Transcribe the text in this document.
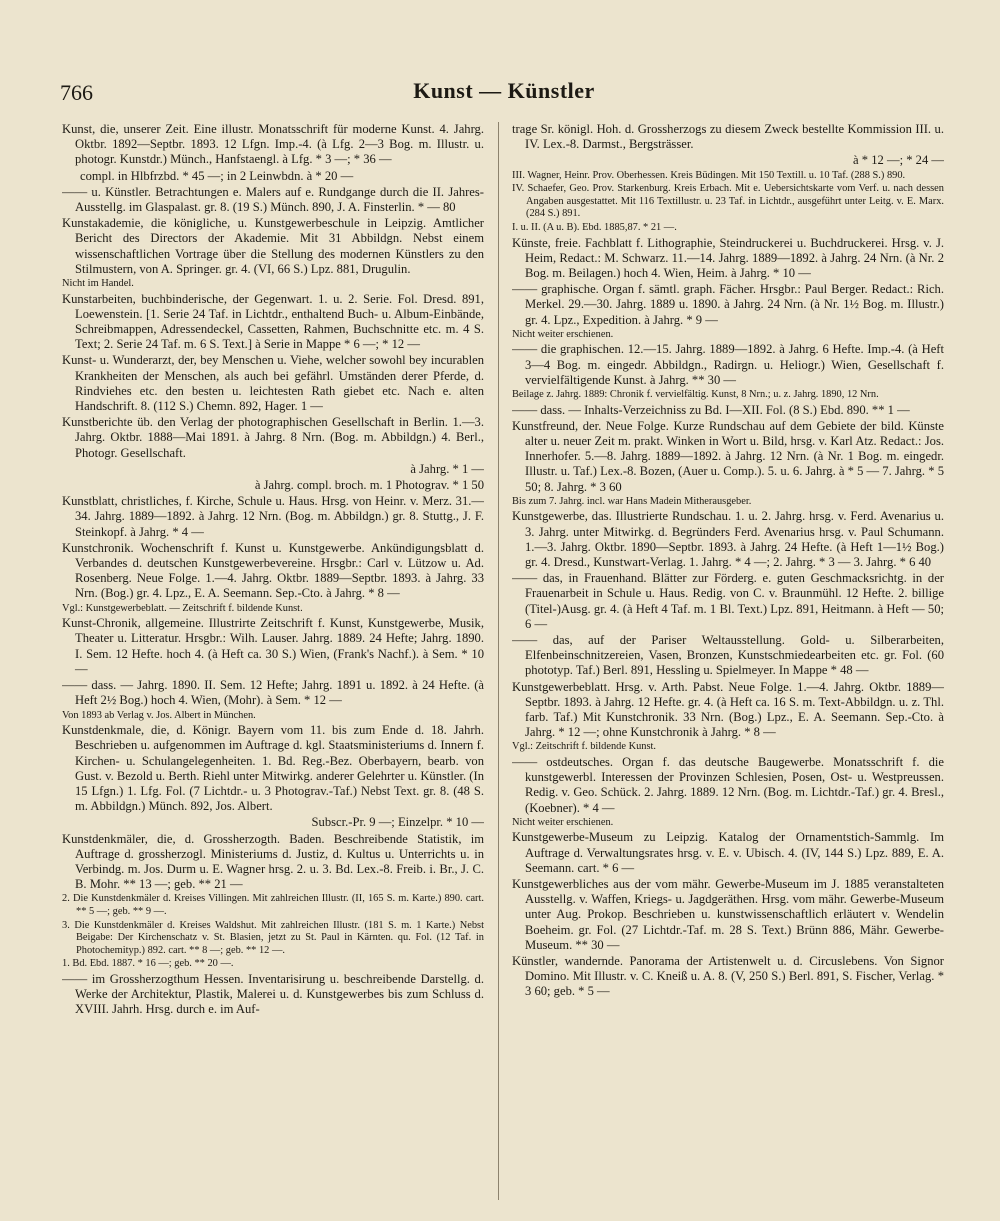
766	Kunst — Künstler
Kunst, die, unserer Zeit. Eine illustr. Monatsschrift für moderne Kunst. 4. Jahrg. Oktbr. 1892—Septbr. 1893. 12 Lfgn. Imp.-4. (à Lfg. 2—3 Bog. m. Illustr. u. photogr. Kunstdr.) Münch., Hanfstaengl. à Lfg. * 3 —; * 36 —
compl. in Hlbfrzbd. * 45 —; in 2 Leinwbdn. à * 20 —
—— u. Künstler. Betrachtungen e. Malers auf e. Rundgange durch die II. Jahres-Ausstellg. im Glaspalast. gr. 8. (19 S.) Münch. 890, J. A. Finsterlin. * — 80
Kunstakademie, die königliche, u. Kunstgewerbeschule in Leipzig. Amtlicher Bericht des Directors der Akademie. Mit 31 Abbildgn. Nebst einem wissenschaftlichen Vortrage über die Stellung des modernen Künstlers zu den Stilmustern, von A. Springer. gr. 4. (VI, 66 S.) Lpz. 881, Drugulin.
Nicht im Handel.
Kunstarbeiten, buchbinderische, der Gegenwart. 1. u. 2. Serie. Fol. Dresd. 891, Loewenstein. [1. Serie 24 Taf. in Lichtdr., enthaltend Buch- u. Album-Einbände, Schreibmappen, Adressendeckel, Cassetten, Rahmen, Buchschnitte etc. m. 4 S. Text; 2. Serie 24 Taf. m. 6 S. Text.] à Serie in Mappe * 6 —; * 12 —
Kunst- u. Wunderarzt, der, bey Menschen u. Viehe, welcher sowohl bey incurablen Krankheiten der Menschen, als auch bei gefährl. Umständen derer Pferde, d. Rindviehes etc. den besten u. leichtesten Rath giebet etc. Nach e. alten Handschrift. 8. (112 S.) Chemn. 892, Hager. 1 —
Kunstberichte üb. den Verlag der photographischen Gesellschaft in Berlin. 1.—3. Jahrg. Oktbr. 1888—Mai 1891. à Jahrg. 8 Nrn. (Bog. m. Abbildgn.) 4. Berl., Photogr. Gesellschaft.
à Jahrg. * 1 —
à Jahrg. compl. broch. m. 1 Photograv. * 1 50
Kunstblatt, christliches, f. Kirche, Schule u. Haus. Hrsg. von Heinr. v. Merz. 31.—34. Jahrg. 1889—1892. à Jahrg. 12 Nrn. (Bog. m. Abbildgn.) gr. 8. Stuttg., J. F. Steinkopf. à Jahrg. * 4 —
Kunstchronik. Wochenschrift f. Kunst u. Kunstgewerbe. Ankündigungsblatt d. Verbandes d. deutschen Kunstgewerbevereine. Hrsgbr.: Carl v. Lützow u. Ad. Rosenberg. Neue Folge. 1.—4. Jahrg. Oktbr. 1889—Septbr. 1893. à Jahrg. 33 Nrn. (Bog.) gr. 4. Lpz., E. A. Seemann. Sep.-Cto. à Jahrg. * 8 —
Vgl.: Kunstgewerbeblatt. — Zeitschrift f. bildende Kunst.
Kunst-Chronik, allgemeine. Illustrirte Zeitschrift f. Kunst, Kunstgewerbe, Musik, Theater u. Litteratur. Hrsgbr.: Wilh. Lauser. Jahrg. 1889. 24 Hefte; Jahrg. 1890. I. Sem. 12 Hefte. hoch 4. (à Heft ca. 30 S.) Wien, (Frank's Nachf.). à Sem. * 10 —
—— dass. — Jahrg. 1890. II. Sem. 12 Hefte; Jahrg. 1891 u. 1892. à 24 Hefte. (à Heft 2½ Bog.) hoch 4. Wien, (Mohr). à Sem. * 12 —
Von 1893 ab Verlag v. Jos. Albert in München.
Kunstdenkmale, die, d. Königr. Bayern vom 11. bis zum Ende d. 18. Jahrh. Beschrieben u. aufgenommen im Auftrage d. kgl. Staatsministeriums d. Innern f. Kirchen- u. Schulangelegenheiten. 1. Bd. Reg.-Bez. Oberbayern, bearb. von Gust. v. Bezold u. Berth. Riehl unter Mitwirkg. anderer Gelehrter u. Künstler. (In 15 Lfgn.) 1. Lfg. Fol. (7 Lichtdr.- u. 3 Photograv.-Taf.) Nebst Text. gr. 8. (48 S. m. Abbildgn.) Münch. 892, Jos. Albert.
Subscr.-Pr. 9 —; Einzelpr. * 10 —
Kunstdenkmäler, die, d. Grossherzogth. Baden. Beschreibende Statistik, im Auftrage d. grossherzogl. Ministeriums d. Justiz, d. Kultus u. Unterrichts u. in Verbindg. m. Jos. Durm u. E. Wagner hrsg. 2. u. 3. Bd. Lex.-8. Freib. i. Br., J. C. B. Mohr. ** 13 —; geb. ** 21 —
2. Die Kunstdenkmäler d. Kreises Villingen. Mit zahlreichen Illustr. (II, 165 S. m. Karte.) 890. cart. ** 5 —; geb. ** 9 —.
3. Die Kunstdenkmäler d. Kreises Waldshut. Mit zahlreichen Illustr. (181 S. m. 1 Karte.) Nebst Beigabe: Der Kirchenschatz v. St. Blasien, jetzt zu St. Paul in Kärnten. qu. Fol. (12 Taf. in Photochemityp.) 892. cart. ** 8 —; geb. ** 12 —.
1. Bd. Ebd. 1887. * 16 —; geb. ** 20 —.
—— im Grossherzogthum Hessen. Inventarisirung u. beschreibende Darstellg. d. Werke der Architektur, Plastik, Malerei u. d. Kunstgewerbes bis zum Schluss d. XVIII. Jahrh. Hrsg. durch e. im Auf-
trage Sr. königl. Hoh. d. Grossherzogs zu diesem Zweck bestellte Kommission III. u. IV. Lex.-8. Darmst., Bergsträsser.
à * 12 —; * 24 —
III. Wagner, Heinr. Prov. Oberhessen. Kreis Büdingen. Mit 150 Textill. u. 10 Taf. (288 S.) 890.
IV. Schaefer, Geo. Prov. Starkenburg. Kreis Erbach. Mit e. Uebersichtskarte vom Verf. u. nach dessen Angaben ausgestattet. Mit 116 Textillustr. u. 23 Taf. in Lichtdr., ausgeführt unter Leitg. v. E. Marx. (284 S.) 891.
I. u. II. (A u. B). Ebd. 1885,87. * 21 —.
Künste, freie. Fachblatt f. Lithographie, Steindruckerei u. Buchdruckerei. Hrsg. v. J. Heim, Redact.: M. Schwarz. 11.—14. Jahrg. 1889—1892. à Jahrg. 24 Nrn. (à Nr. 2 Bog. m. Beilagen.) hoch 4. Wien, Heim. à Jahrg. * 10 —
—— graphische. Organ f. sämtl. graph. Fächer. Hrsgbr.: Paul Berger. Redact.: Rich. Merkel. 29.—30. Jahrg. 1889 u. 1890. à Jahrg. 24 Nrn. (à Nr. 1½ Bog. m. Illustr.) gr. 4. Lpz., Expedition. à Jahrg. * 9 —
Nicht weiter erschienen.
—— die graphischen. 12.—15. Jahrg. 1889—1892. à Jahrg. 6 Hefte. Imp.-4. (à Heft 3—4 Bog. m. eingedr. Abbildgn., Radirgn. u. Heliogr.) Wien, Gesellschaft f. vervielfältigende Kunst. à Jahrg. ** 30 —
Beilage z. Jahrg. 1889: Chronik f. vervielfältig. Kunst, 8 Nrn.; u. z. Jahrg. 1890, 12 Nrn.
—— dass. — Inhalts-Verzeichniss zu Bd. I—XII. Fol. (8 S.) Ebd. 890. ** 1 —
Kunstfreund, der. Neue Folge. Kurze Rundschau auf dem Gebiete der bild. Künste alter u. neuer Zeit m. prakt. Winken in Wort u. Bild, hrsg. v. Karl Atz. Redact.: Jos. Innerhofer. 5.—8. Jahrg. 1889—1892. à Jahrg. 12 Nrn. (à Nr. 1 Bog. m. eingedr. Illustr. u. Taf.) Lex.-8. Bozen, (Auer u. Comp.). 5. u. 6. Jahrg. à * 5 — 7. Jahrg. * 5 50; 8. Jahrg. * 3 60
Bis zum 7. Jahrg. incl. war Hans Madein Mitherausgeber.
Kunstgewerbe, das. Illustrierte Rundschau. 1. u. 2. Jahrg. hrsg. v. Ferd. Avenarius u. 3. Jahrg. unter Mitwirkg. d. Begründers Ferd. Avenarius hrsg. v. Paul Schumann. 1.—3. Jahrg. Oktbr. 1890—Septbr. 1893. à Jahrg. 24 Hefte. (à Heft 1—1½ Bog.) gr. 4. Dresd., Kunstwart-Verlag. 1. Jahrg. * 4 —; 2. Jahrg. * 3 — 3. Jahrg. * 6 40
—— das, in Frauenhand. Blätter zur Förderg. e. guten Geschmacksrichtg. in der Frauenarbeit in Schule u. Haus. Redig. von C. v. Braunmühl. 12 Hefte. 2. billige (Titel-)Ausg. gr. 4. (à Heft 4 Taf. m. 1 Bl. Text.) Lpz. 891, Heitmann. à Heft — 50; 6 —
—— das, auf der Pariser Weltausstellung. Gold- u. Silberarbeiten, Elfenbeinschnitzereien, Vasen, Bronzen, Kunstschmiedearbeiten etc. gr. Fol. (60 phototyp. Taf.) Berl. 891, Hessling u. Spielmeyer. In Mappe * 48 —
Kunstgewerbeblatt. Hrsg. v. Arth. Pabst. Neue Folge. 1.—4. Jahrg. Oktbr. 1889—Septbr. 1893. à Jahrg. 12 Hefte. gr. 4. (à Heft ca. 16 S. m. Text-Abbildgn. u. z. Thl. farb. Taf.) Mit Kunstchronik. 33 Nrn. (Bog.) Lpz., E. A. Seemann. Sep.-Cto. à Jahrg. * 12 —; ohne Kunstchronik à Jahrg. * 8 —
Vgl.: Zeitschrift f. bildende Kunst.
—— ostdeutsches. Organ f. das deutsche Baugewerbe. Monatsschrift f. die kunstgewerbl. Interessen der Provinzen Schlesien, Posen, Ost- u. Westpreussen. Redig. v. Geo. Schück. 2. Jahrg. 1889. 12 Nrn. (Bog. m. Lichtdr.-Taf.) gr. 4. Bresl., (Koebner). * 4 —
Nicht weiter erschienen.
Kunstgewerbe-Museum zu Leipzig. Katalog der Ornamentstich-Sammlg. Im Auftrage d. Verwaltungsrates hrsg. v. E. v. Ubisch. 4. (IV, 144 S.) Lpz. 889, E. A. Seemann. cart. * 6 —
Kunstgewerbliches aus der vom mähr. Gewerbe-Museum im J. 1885 veranstalteten Ausstellg. v. Waffen, Kriegs- u. Jagdgeräthen. Hrsg. vom mähr. Gewerbe-Museum unter Aug. Prokop. Beschrieben u. kunstwissenschaftlich erläutert v. Wendelin Boeheim. gr. Fol. (27 Lichtdr.-Taf. m. 28 S. Text.) Brünn 886, Mähr. Gewerbe-Museum. ** 30 —
Künstler, wandernde. Panorama der Artistenwelt u. d. Circuslebens. Von Signor Domino. Mit Illustr. v. C. Kneiß u. A. 8. (V, 250 S.) Berl. 891, S. Fischer, Verlag. * 3 60; geb. * 5 —
